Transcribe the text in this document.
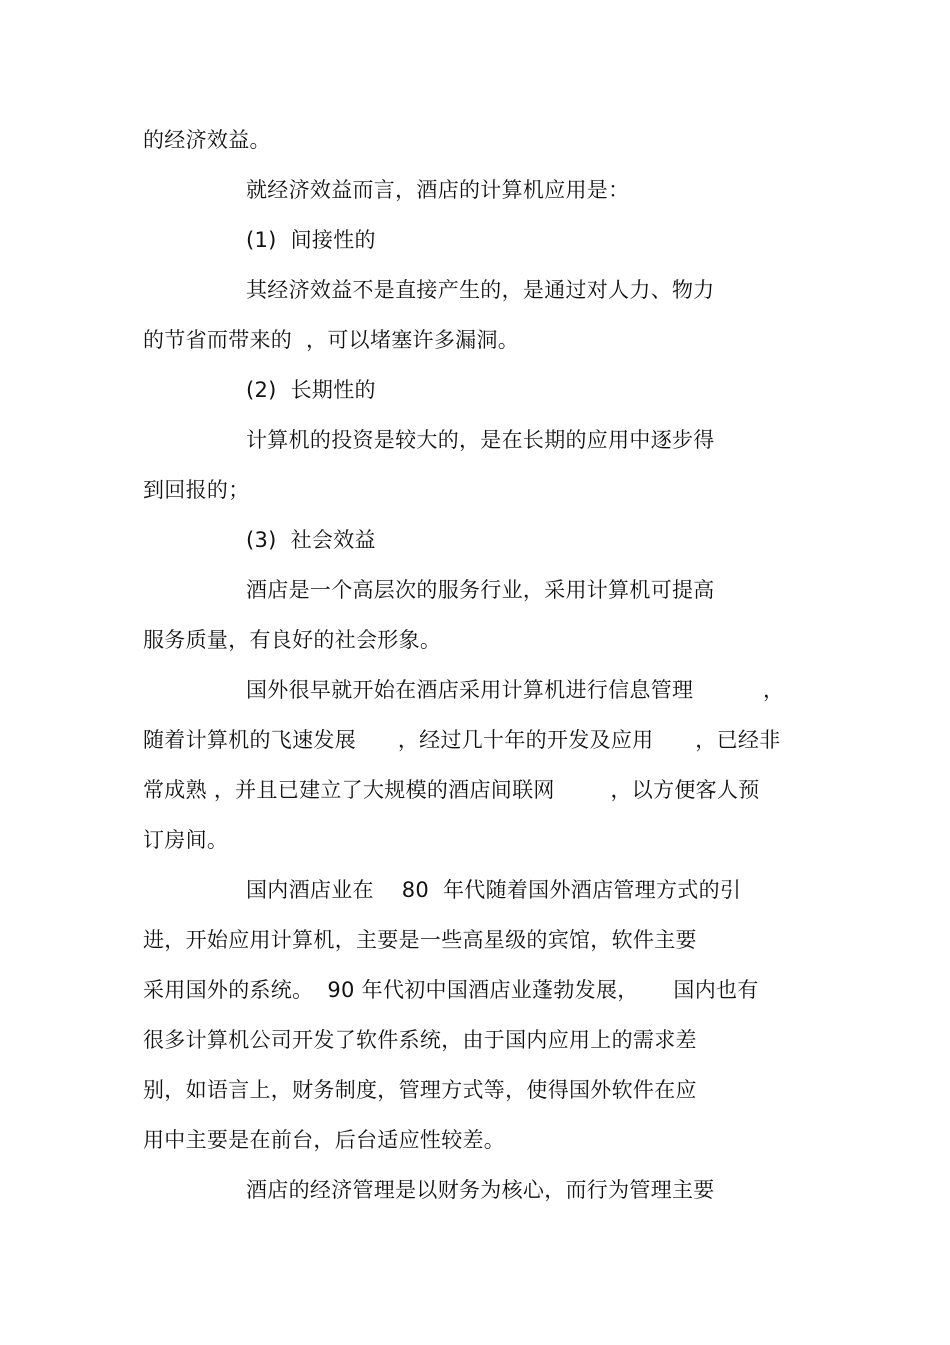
的经济效益。
就经济效益而言，酒店的计算机应用是：
(1)  间接性的
其经济效益不是直接产生的，是通过对人力、物力
的节省而带来的  ，可以堵塞许多漏洞。
(2)  长期性的
计算机的投资是较大的，是在长期的应用中逐步得
到回报的；
(3)  社会效益
酒店是一个高层次的服务行业，采用计算机可提高
服务质量，有良好的社会形象。
国外很早就开始在酒店采用计算机进行信息管理          ，
随着计算机的飞速发展      ，经过几十年的开发及应用      ，已经非
常成熟 ，并且已建立了大规模的酒店间联网        ，以方便客人预
订房间。
国内酒店业在    80  年代随着国外酒店管理方式的引
进，开始应用计算机，主要是一些高星级的宾馆，软件主要
采用国外的系统。  90 年代初中国酒店业蓬勃发展，     国内也有
很多计算机公司开发了软件系统，由于国内应用上的需求差
别，如语言上，财务制度，管理方式等，使得国外软件在应
用中主要是在前台，后台适应性较差。
酒店的经济管理是以财务为核心，而行为管理主要
